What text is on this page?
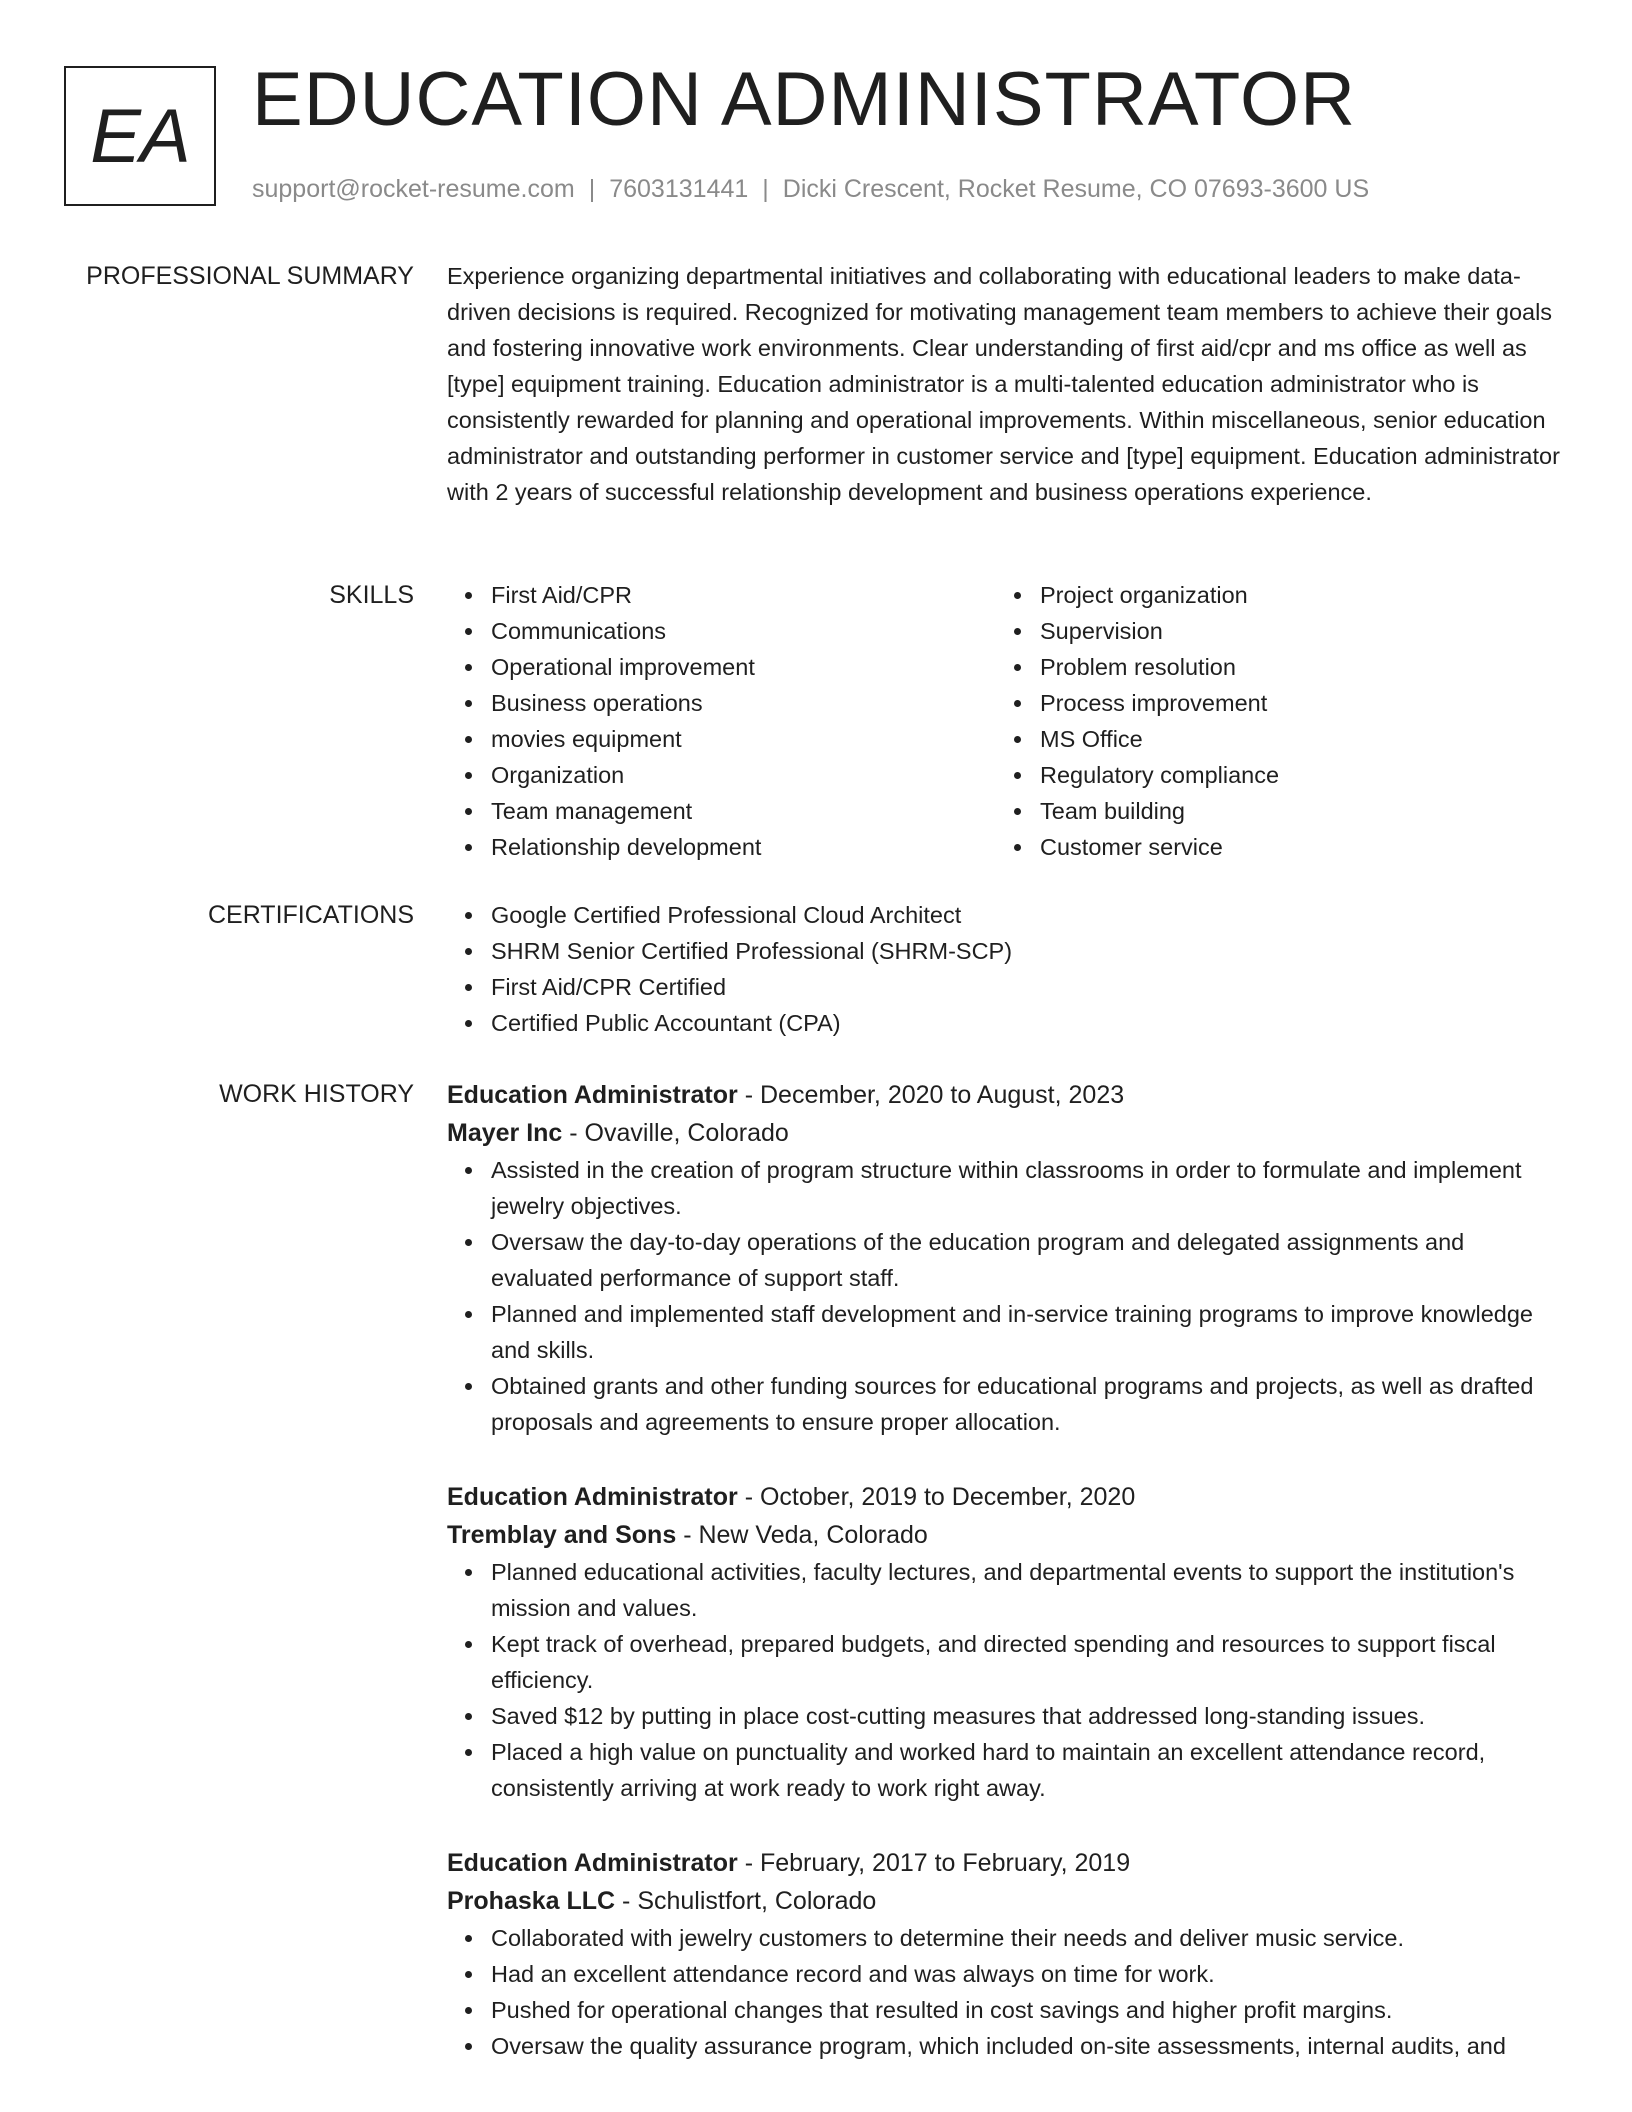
EA EDUCATION ADMINISTRATOR
support@rocket-resume.com | 7603131441 | Dicki Crescent, Rocket Resume, CO 07693-3600 US
PROFESSIONAL SUMMARY Experience organizing departmental initiatives and collaborating with educational leaders to make data-driven decisions is required. Recognized for motivating management team members to achieve their goals and fostering innovative work environments. Clear understanding of first aid/cpr and ms office as well as [type] equipment training. Education administrator is a multi-talented education administrator who is consistently rewarded for planning and operational improvements. Within miscellaneous, senior education administrator and outstanding performer in customer service and [type] equipment. Education administrator with 2 years of successful relationship development and business operations experience.

SKILLS	First Aid/CPR
Communications
Operational improvement
Business operations
movies equipment
Organization
Team management
Relationship development
Project organization
Supervision
Problem resolution
Process improvement
MS Office
Regulatory compliance
Team building
Customer service
CERTIFICATIONS	Google Certified Professional Cloud Architect
SHRM Senior Certified Professional (SHRM-SCP)
First Aid/CPR Certified
Certified Public Accountant (CPA)
WORK HISTORY Education Administrator - December, 2020 to August, 2023
Mayer Inc - Ovaville, Colorado
Assisted in the creation of program structure within classrooms in order to formulate and implement jewelry objectives.
Oversaw the day-to-day operations of the education program and delegated assignments and evaluated performance of support staff.
Planned and implemented staff development and in-service training programs to improve knowledge and skills.
Obtained grants and other funding sources for educational programs and projects, as well as drafted proposals and agreements to ensure proper allocation.
Education Administrator - October, 2019 to December, 2020
Tremblay and Sons - New Veda, Colorado
Planned educational activities, faculty lectures, and departmental events to support the institution's mission and values.
Kept track of overhead, prepared budgets, and directed spending and resources to support fiscal efficiency.
Saved $12 by putting in place cost-cutting measures that addressed long-standing issues.
Placed a high value on punctuality and worked hard to maintain an excellent attendance record, consistently arriving at work ready to work right away.
Education Administrator - February, 2017 to February, 2019
Prohaska LLC - Schulistfort, Colorado
Collaborated with jewelry customers to determine their needs and deliver music service.
Had an excellent attendance record and was always on time for work.
Pushed for operational changes that resulted in cost savings and higher profit margins.
Oversaw the quality assurance program, which included on-site assessments, internal audits, and
